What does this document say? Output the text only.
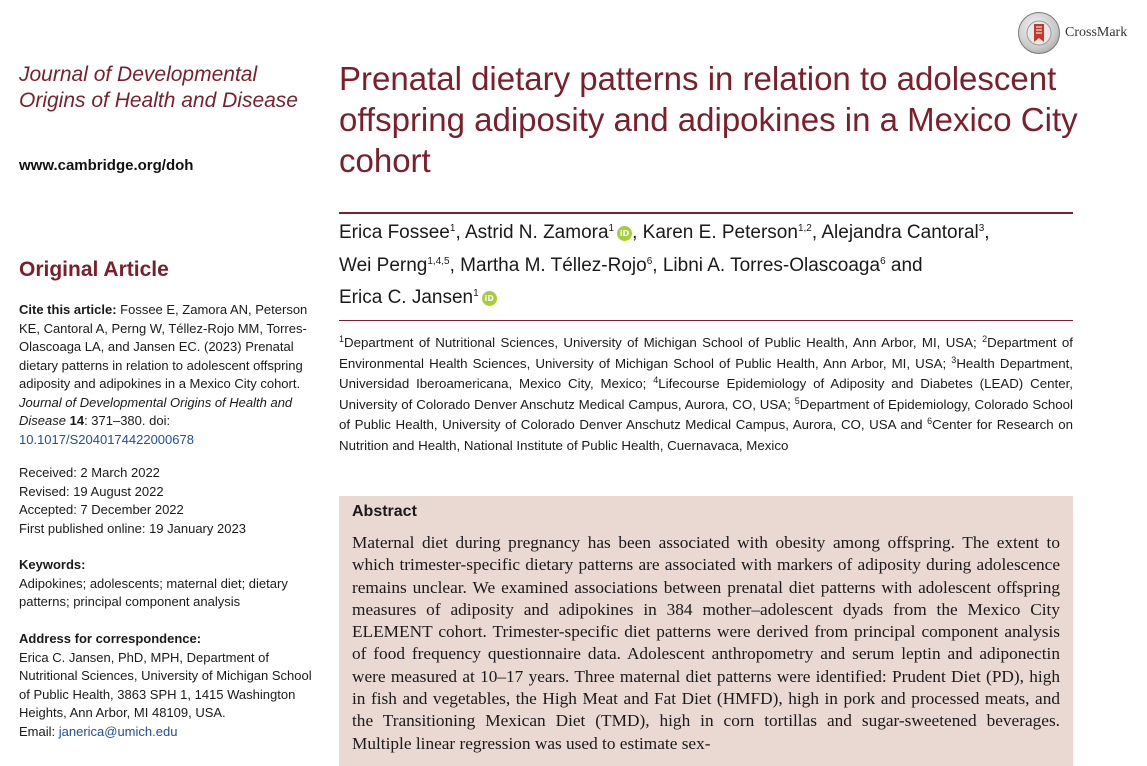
CrossMark

Journal of Developmental Origins of Health and Disease

www.cambridge.org/doh
Original Article
Cite this article: Fossee E, Zamora AN, Peterson KE, Cantoral A, Perng W, Téllez-Rojo MM, Torres-Olascoaga LA, and Jansen EC. (2023) Prenatal dietary patterns in relation to adolescent offspring adiposity and adipokines in a Mexico City cohort. Journal of Developmental Origins of Health and Disease 14: 371–380. doi: 10.1017/S2040174422000678
Received: 2 March 2022
Revised: 19 August 2022
Accepted: 7 December 2022
First published online: 19 January 2023
Keywords:
Adipokines; adolescents; maternal diet; dietary patterns; principal component analysis
Address for correspondence:
Erica C. Jansen, PhD, MPH, Department of Nutritional Sciences, University of Michigan School of Public Health, 3863 SPH 1, 1415 Washington Heights, Ann Arbor, MI 48109, USA.
Email: janerica@umich.edu
Prenatal dietary patterns in relation to adolescent offspring adiposity and adipokines in a Mexico City cohort
Erica Fossee$^1$, Astrid N. Zamora$^1$ iD , Karen E. Peterson$^{1,2}$, Alejandra Cantoral$^3$,
Wei Perng$^{1,4,5}$, Martha M. Téllez-Rojo$^6$, Libni A. Torres-Olascoaga$^6$ and
Erica C. Jansen$^1$ iD
$^1$Department of Nutritional Sciences, University of Michigan School of Public Health, Ann Arbor, MI, USA; $^2$Department of Environmental Health Sciences, University of Michigan School of Public Health, Ann Arbor, MI, USA; $^3$Health Department, Universidad Iberoamericana, Mexico City, Mexico; $^4$Lifecourse Epidemiology of Adiposity and Diabetes (LEAD) Center, University of Colorado Denver Anschutz Medical Campus, Aurora, CO, USA; $^5$Department of Epidemiology, Colorado School of Public Health, University of Colorado Denver Anschutz Medical Campus, Aurora, CO, USA and $^6$Center for Research on Nutrition and Health, National Institute of Public Health, Cuernavaca, Mexico
Abstract

Maternal diet during pregnancy has been associated with obesity among offspring. The extent to which trimester-specific dietary patterns are associated with markers of adiposity during adolescence remains unclear. We examined associations between prenatal diet patterns with adolescent offspring measures of adiposity and adipokines in 384 mother–adolescent dyads from the Mexico City ELEMENT cohort. Trimester-specific diet patterns were derived from principal component analysis of food frequency questionnaire data. Adolescent anthropometry and serum leptin and adiponectin were measured at 10–17 years. Three maternal diet patterns were identified: Prudent Diet (PD), high in fish and vegetables, the High Meat and Fat Diet (HMFD), high in pork and processed meats, and the Transitioning Mexican Diet (TMD), high in corn tortillas and sugar-sweetened beverages. Multiple linear regression was used to estimate sex-
